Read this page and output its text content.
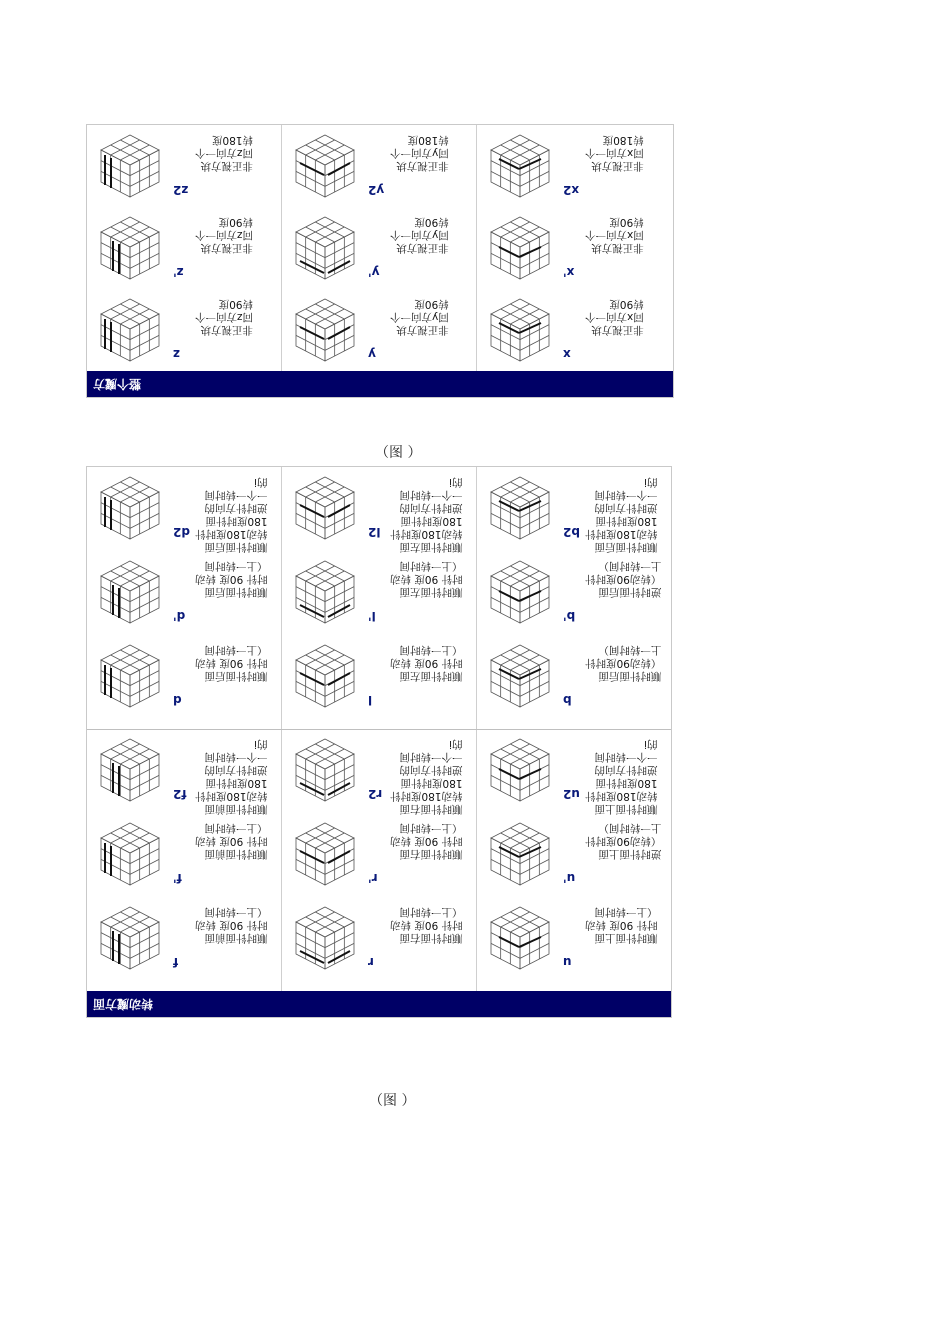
整个魔方
非正视方块
同z方向一个
转180度
z2
非正视方块
同y方向一个
转180度
y2
非正视方块
同x方向一个
转180度
x2
非正视方块
同z方向一个
转90度
z'
非正视方块
同y方向一个
转90度
y'
非正视方块
同x方向一个
转90度
x'
非正视方块
同z方向一个
转90度
z
非正视方块
同y方向一个
转90度
y
非正视方块
同x方向一个
转90度
x
（图 ）
转动魔方面
顺时针面后面
转动180度时针
180度时针面
逆时针方向的
一个一转时间
的i
d2
顺时针面左面
转动180度时针
180度时针面
逆时针方向的
一个一转时间
的i
l2
顺时针面后面
转动180度时针
180度时针面
逆时针方向的
一个一转时间
的i
b2
顺时针面后面
时针 90度 转动
（上一转时间
d'
顺时针面左面
时针 90度 转动
（上一转时间
l'
逆时针面后面
（转动90度时针
上一转时间）
b'
顺时针面后面
时针 90度 转动
（上一转时间
d
顺时针面左面
时针 90度 转动
（上一转时间
l
顺时针面后面
（转动90度时针
上一转时间）
b
顺时针面前面
转动180度时针
180度时针面
逆时针方向的
一个一转时间
的i
f2
顺时针面右面
转动180度时针
180度时针面
逆时针方向的
一个一转时间
的i
r2
顺时针面上面
转动180度时针
180度时针面
逆时针方向的
一个一转时间
的i
u2
顺时针面前面
时针 90度 转动
（上一转时间
f'
顺时针面右面
时针 90度 转动
（上一转时间
r'
逆时针面上面
（转动90度时针
上一转时间）
u'
顺时针面前面
时针 90度 转动
（上一转时间
f
顺时针面右面
时针 90度 转动
（上一转时间
r
顺时针面上面
时针 90度 转动
（上一转时间
u
（图 ）
